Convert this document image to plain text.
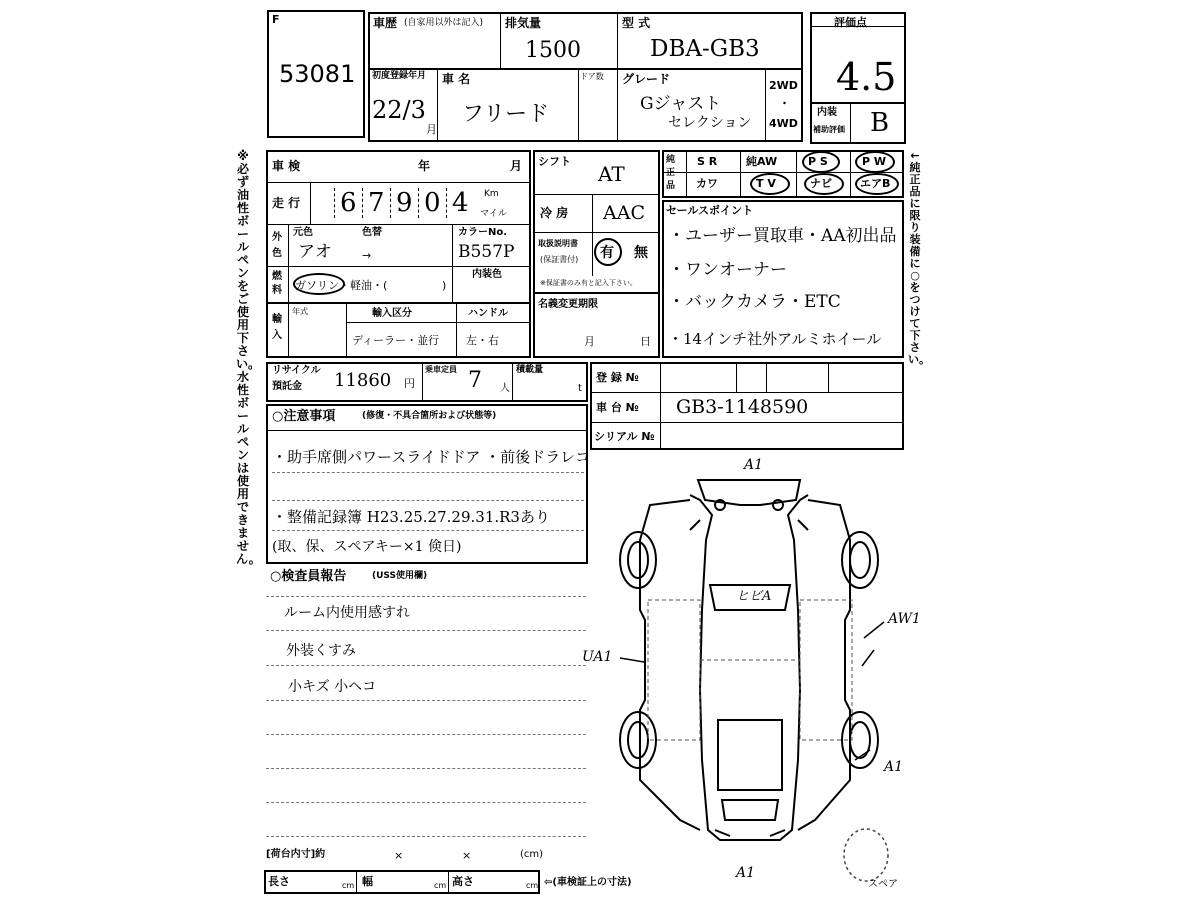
※必ず油性ボールペンをご使用下さい。水性ボールペンは使用できません。
F
53081
車歴 (自家用以外は記入) 排気量
1500
型 式
DBA-GB3
初度登録年月
22/3
月
車 名
フリード
ドア数 グレード
Gジャスト
セレクション
2WD
・
4WD
評価点
4.5
内装
補助評価 B
車 検	年	月
走 行 6 7 9 0 4 Km
マイル
外色
元色	色替
アオ	→
カラーNo.
B557P
燃料 ガソリン・軽油・(	)
内装色
輸入
年式	輸入区分
ディーラー・並行
ハンドル
左・右
シフト
AT
冷 房 AAC
取扱説明書
(保証書付) 有 無
※保証書のみ有と記入下さい。
名義変更期限
月	日
純正品
S R	純AW	P S	P W
カワ	T V	ナビ	エアB
←純正品に限り装備に○をつけて下さい。
セールスポイント
・ユーザー買取車・AA初出品
・ワンオーナー
・バックカメラ・ETC
・14インチ社外アルミホイール
リサイクル
預託金 11860 円
乗車定員 7 人
積載量
t
登 録 №
車 台 № GB3-1148590
シリアル №
○注意事項	(修復・不具合箇所および状態等)
・助手席側パワースライドドア ・前後ドラレコ
・整備記録簿 H23.25.27.29.31.R3あり
(取、保、スペアキー×1 倹日)
○検査員報告	(USS使用欄)
ルーム内使用感すれ
外装くすみ
小キズ 小ヘコ
[荷台内寸]約	×	×	(cm)
長さ	cm 幅	cm 高さ	cm ⇦(車検証上の寸法)
A1
AW1
UA1
A1
A1
ヒビA
スペア
